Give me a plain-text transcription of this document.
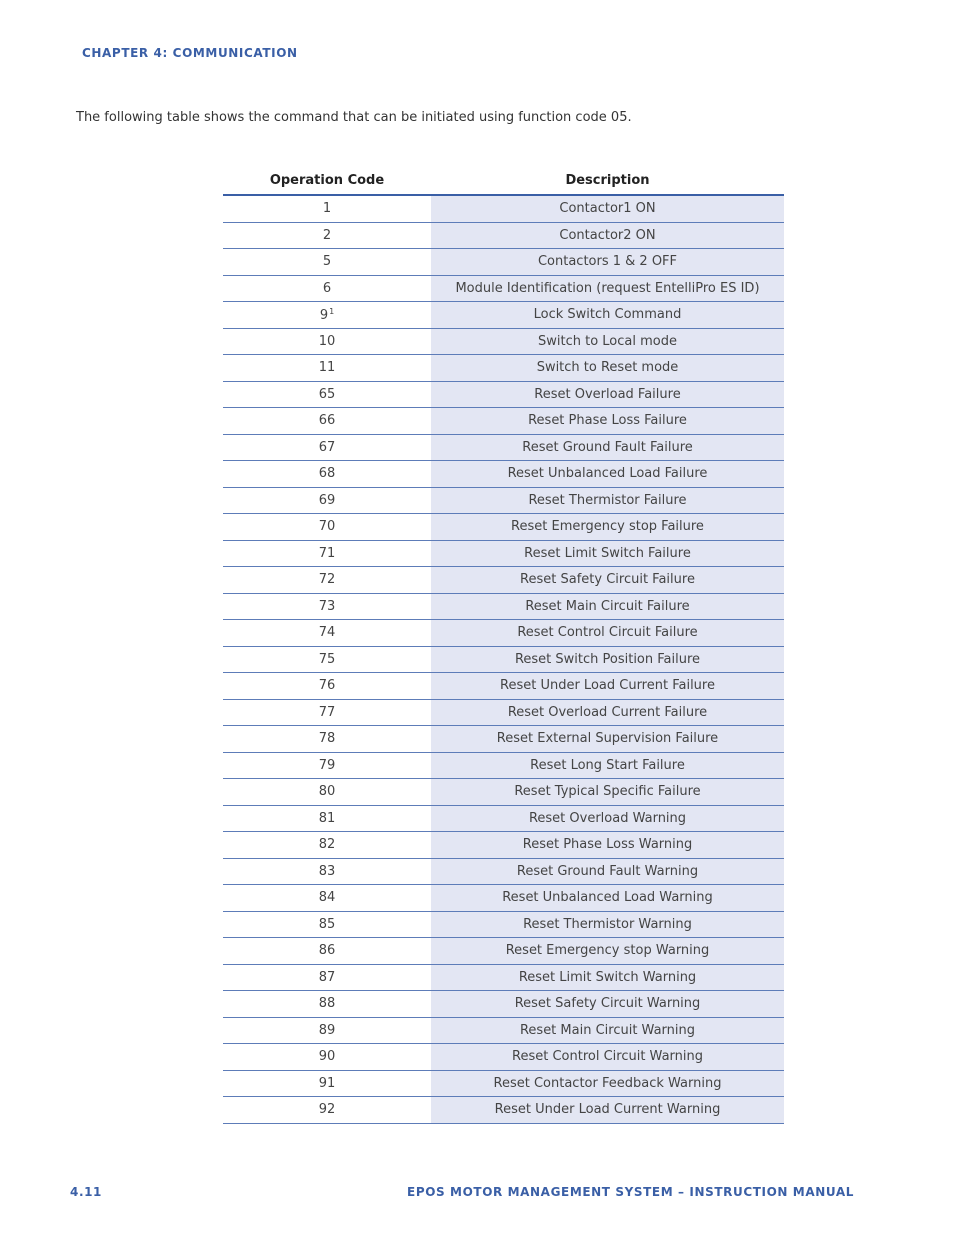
CHAPTER 4: COMMUNICATION
The following table shows the command that can be initiated using function code 05.
Operation Code	Description
1	Contactor1 ON
2	Contactor2 ON
5	Contactors 1 & 2 OFF
6	Module Identification (request EntelliPro ES ID)
9$^1$	Lock Switch Command
10	Switch to Local mode
11	Switch to Reset mode
65	Reset Overload Failure
66	Reset Phase Loss Failure
67	Reset Ground Fault Failure
68	Reset Unbalanced Load Failure
69	Reset Thermistor Failure
70	Reset Emergency stop Failure
71	Reset Limit Switch Failure
72	Reset Safety Circuit Failure
73	Reset Main Circuit Failure
74	Reset Control Circuit Failure
75	Reset Switch Position Failure
76	Reset Under Load Current Failure
77	Reset Overload Current Failure
78	Reset External Supervision Failure
79	Reset Long Start Failure
80	Reset Typical Specific Failure
81	Reset Overload Warning
82	Reset Phase Loss Warning
83	Reset Ground Fault Warning
84	Reset Unbalanced Load Warning
85	Reset Thermistor Warning
86	Reset Emergency stop Warning
87	Reset Limit Switch Warning
88	Reset Safety Circuit Warning
89	Reset Main Circuit Warning
90	Reset Control Circuit Warning
91	Reset Contactor Feedback Warning
92	Reset Under Load Current Warning
4.11	EPOS MOTOR MANAGEMENT SYSTEM – INSTRUCTION MANUAL
